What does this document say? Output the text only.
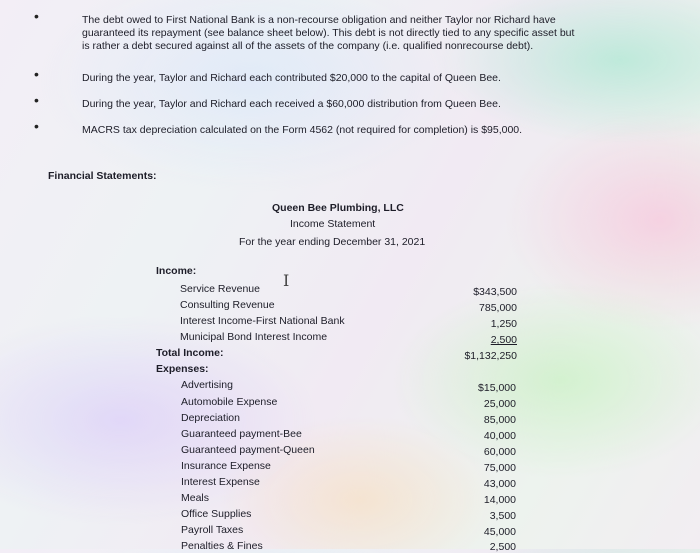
•	The debt owed to First National Bank is a non-recourse obligation and neither Taylor nor Richard have
guaranteed its repayment (see balance sheet below). This debt is not directly tied to any specific asset but
is rather a debt secured against all of the assets of the company (i.e. qualified nonrecourse debt).
•	During the year, Taylor and Richard each contributed $20,000 to the capital of Queen Bee.
•	During the year, Taylor and Richard each received a $60,000 distribution from Queen Bee.
•	MACRS tax depreciation calculated on the Form 4562 (not required for completion) is $95,000.
Financial Statements:
Queen Bee Plumbing, LLC
Income Statement
For the year ending December 31, 2021
Income:
Service Revenue	$343,500
Consulting Revenue	785,000
Interest Income-First National Bank	1,250
Municipal Bond Interest Income	2,500
Total Income:	$1,132,250
Expenses:
Advertising	$15,000
Automobile Expense	25,000
Depreciation	85,000
Guaranteed payment-Bee	40,000
Guaranteed payment-Queen	60,000
Insurance Expense	75,000
Interest Expense	43,000
Meals	14,000
Office Supplies	3,500
Payroll Taxes	45,000
Penalties & Fines	2,500
I
